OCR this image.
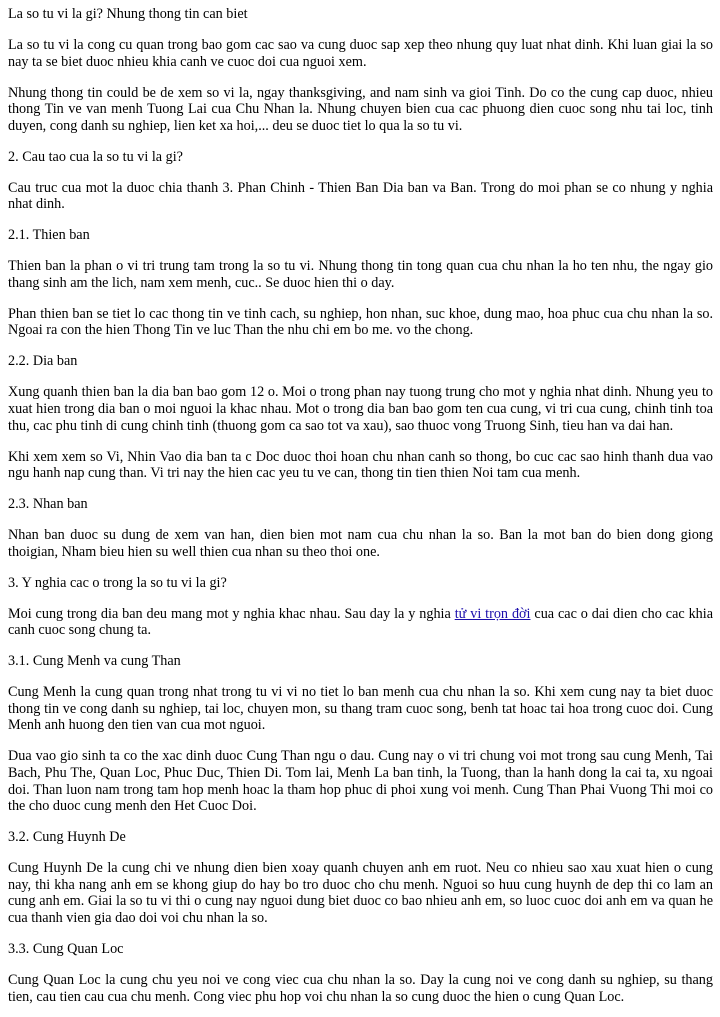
La so tu vi la gi? Nhung thong tin can biet

La so tu vi la cong cu quan trong bao gom cac sao va cung duoc sap xep theo nhung quy luat nhat dinh. Khi luan giai la so nay ta se biet duoc nhieu khia canh ve cuoc doi cua nguoi xem.

Nhung thong tin could be de xem so vi la, ngay thanksgiving, and nam sinh va gioi Tinh. Do co the cung cap duoc, nhieu thong Tin ve van menh Tuong Lai cua Chu Nhan la. Nhung chuyen bien cua cac phuong dien cuoc song nhu tai loc, tinh duyen, cong danh su nghiep, lien ket xa hoi,... deu se duoc tiet lo qua la so tu vi.

2. Cau tao cua la so tu vi la gi?

Cau truc cua mot la duoc chia thanh 3. Phan Chinh - Thien Ban Dia ban va Ban. Trong do moi phan se co nhung y nghia nhat dinh.

2.1. Thien ban

Thien ban la phan o vi tri trung tam trong la so tu vi. Nhung thong tin tong quan cua chu nhan la ho ten nhu, the ngay gio thang sinh am the lich, nam xem menh, cuc.. Se duoc hien thi o day.

Phan thien ban se tiet lo cac thong tin ve tinh cach, su nghiep, hon nhan, suc khoe, dung mao, hoa phuc cua chu nhan la so. Ngoai ra con the hien Thong Tin ve luc Than the nhu chi em bo me. vo the chong.

2.2. Dia ban

Xung quanh thien ban la dia ban bao gom 12 o. Moi o trong phan nay tuong trung cho mot y nghia nhat dinh. Nhung yeu to xuat hien trong dia ban o moi nguoi la khac nhau. Mot o trong dia ban bao gom ten cua cung, vi tri cua cung, chinh tinh toa thu, cac phu tinh di cung chinh tinh (thuong gom ca sao tot va xau), sao thuoc vong Truong Sinh, tieu han va dai han.

Khi xem xem so Vi, Nhin Vao dia ban ta c Doc duoc thoi hoan chu nhan canh so thong, bo cuc cac sao hinh thanh dua vao ngu hanh nap cung than. Vi tri nay the hien cac yeu tu ve can, thong tin tien thien Noi tam cua menh.

2.3. Nhan ban

Nhan ban duoc su dung de xem van han, dien bien mot nam cua chu nhan la so. Ban la mot ban do bien dong giong thoigian, Nham bieu hien su well thien cua nhan su theo thoi one.

3. Y nghia cac o trong la so tu vi la gi?

Moi cung trong dia ban deu mang mot y nghia khac nhau. Sau day la y nghia tử vi trọn đời cua cac o dai dien cho cac khia canh cuoc song chung ta.

3.1. Cung Menh va cung Than

Cung Menh la cung quan trong nhat trong tu vi vi no tiet lo ban menh cua chu nhan la so. Khi xem cung nay ta biet duoc thong tin ve cong danh su nghiep, tai loc, chuyen mon, su thang tram cuoc song, benh tat hoac tai hoa trong cuoc doi. Cung Menh anh huong den tien van cua mot nguoi.

Dua vao gio sinh ta co the xac dinh duoc Cung Than ngu o dau. Cung nay o vi tri chung voi mot trong sau cung Menh, Tai Bach, Phu The, Quan Loc, Phuc Duc, Thien Di. Tom lai, Menh La ban tinh, la Tuong, than la hanh dong la cai ta, xu ngoai doi. Than luon nam trong tam hop menh hoac la tham hop phuc di phoi xung voi menh. Cung Than Phai Vuong Thi moi co the cho duoc cung menh den Het Cuoc Doi.

3.2. Cung Huynh De

Cung Huynh De la cung chi ve nhung dien bien xoay quanh chuyen anh em ruot. Neu co nhieu sao xau xuat hien o cung nay, thi kha nang anh em se khong giup do hay bo tro duoc cho chu menh. Nguoi so huu cung huynh de dep thi co lam an cung anh em. Giai la so tu vi thi o cung nay nguoi dung biet duoc co bao nhieu anh em, so luoc cuoc doi anh em va quan he cua thanh vien gia dao doi voi chu nhan la so.

3.3. Cung Quan Loc

Cung Quan Loc la cung chu yeu noi ve cong viec cua chu nhan la so. Day la cung noi ve cong danh su nghiep, su thang tien, cau tien cau cua chu menh. Cong viec phu hop voi chu nhan la so cung duoc the hien o cung Quan Loc.
